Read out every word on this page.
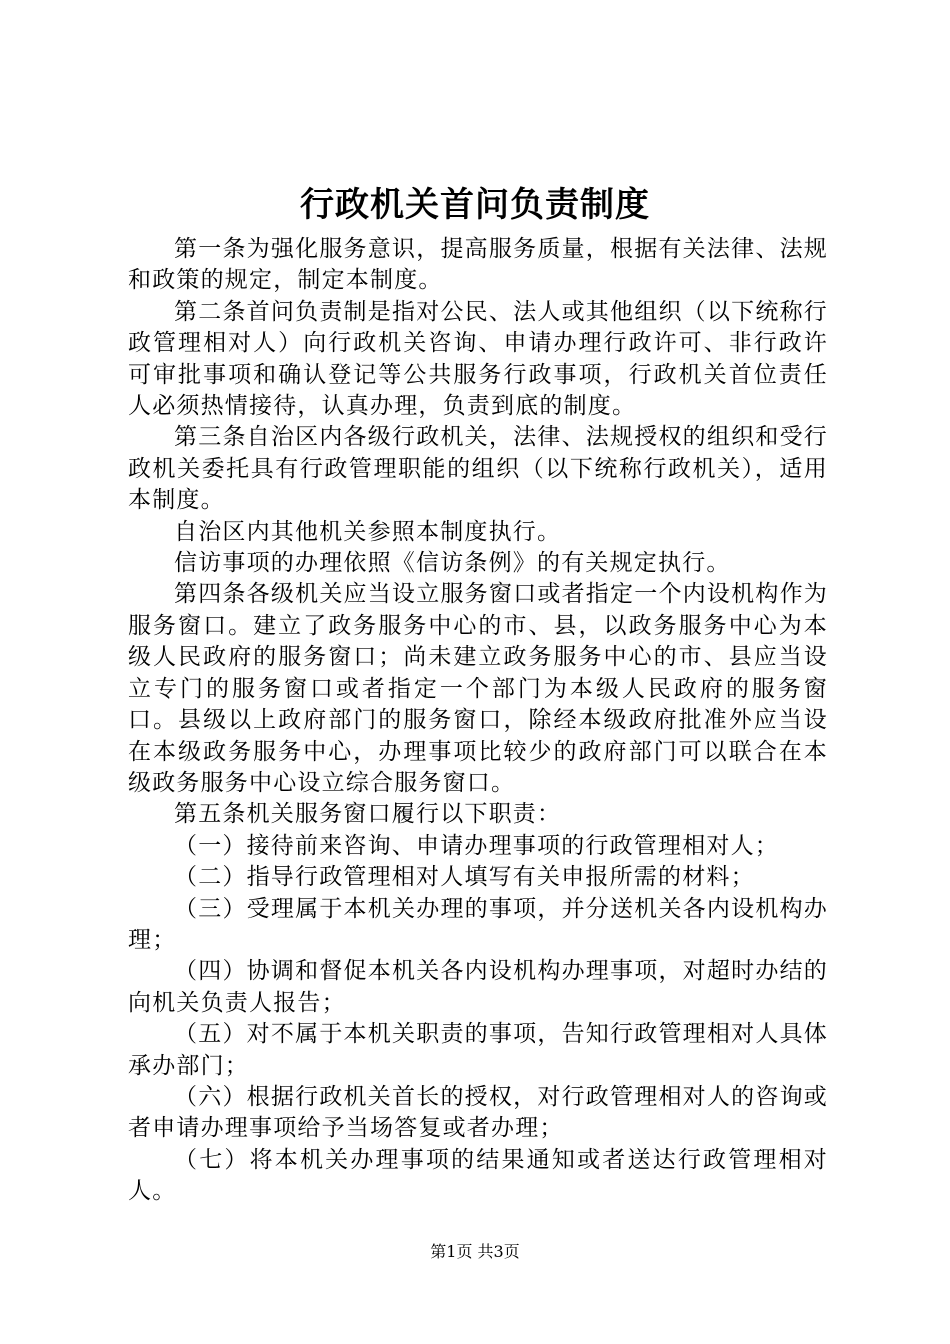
行政机关首问负责制度

第一条为强化服务意识，提高服务质量，根据有关法律、法规和政策的规定，制定本制度。

第二条首问负责制是指对公民、法人或其他组织（以下统称行政管理相对人）向行政机关咨询、申请办理行政许可、非行政许可审批事项和确认登记等公共服务行政事项，行政机关首位责任人必须热情接待，认真办理，负责到底的制度。

第三条自治区内各级行政机关，法律、法规授权的组织和受行政机关委托具有行政管理职能的组织（以下统称行政机关），适用本制度。

自治区内其他机关参照本制度执行。

信访事项的办理依照《信访条例》的有关规定执行。

第四条各级机关应当设立服务窗口或者指定一个内设机构作为服务窗口。建立了政务服务中心的市、县，以政务服务中心为本级人民政府的服务窗口；尚未建立政务服务中心的市、县应当设立专门的服务窗口或者指定一个部门为本级人民政府的服务窗口。县级以上政府部门的服务窗口，除经本级政府批准外应当设在本级政务服务中心，办理事项比较少的政府部门可以联合在本级政务服务中心设立综合服务窗口。

第五条机关服务窗口履行以下职责：

（一）接待前来咨询、申请办理事项的行政管理相对人；

（二）指导行政管理相对人填写有关申报所需的材料；

（三）受理属于本机关办理的事项，并分送机关各内设机构办理；

（四）协调和督促本机关各内设机构办理事项，对超时办结的向机关负责人报告；

（五）对不属于本机关职责的事项，告知行政管理相对人具体承办部门；

（六）根据行政机关首长的授权，对行政管理相对人的咨询或者申请办理事项给予当场答复或者办理；

（七）将本机关办理事项的结果通知或者送达行政管理相对人。

第1页 共3页
